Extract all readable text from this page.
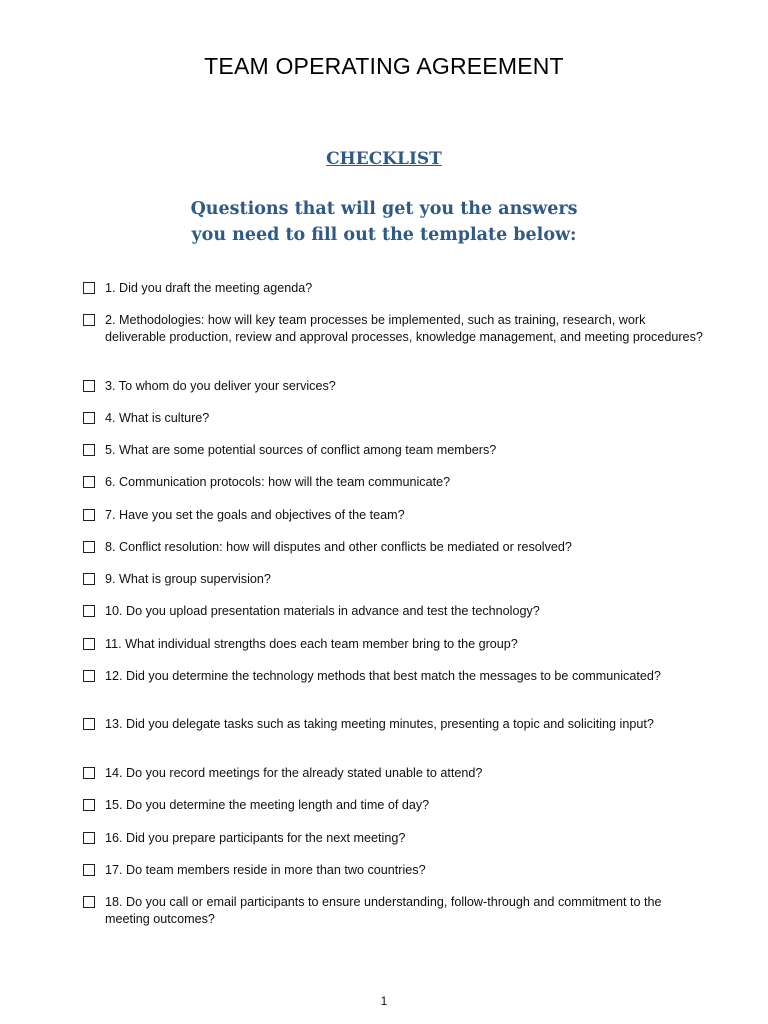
TEAM OPERATING AGREEMENT
CHECKLIST
Questions that will get you the answers
you need to fill out the template below:
1. Did you draft the meeting agenda?
2. Methodologies: how will key team processes be implemented, such as training, research, work deliverable production, review and approval processes, knowledge management, and meeting procedures?
3. To whom do you deliver your services?
4. What is culture?
5. What are some potential sources of conflict among team members?
6. Communication protocols: how will the team communicate?
7. Have you set the goals and objectives of the team?
8. Conflict resolution: how will disputes and other conflicts be mediated or resolved?
9. What is group supervision?
10. Do you upload presentation materials in advance and test the technology?
11. What individual strengths does each team member bring to the group?
12. Did you determine the technology methods that best match the messages to be communicated?
13. Did you delegate tasks such as taking meeting minutes, presenting a topic and soliciting input?
14. Do you record meetings for the already stated unable to attend?
15. Do you determine the meeting length and time of day?
16. Did you prepare participants for the next meeting?
17. Do team members reside in more than two countries?
18. Do you call or email participants to ensure understanding, follow-through and commitment to the meeting outcomes?
1
